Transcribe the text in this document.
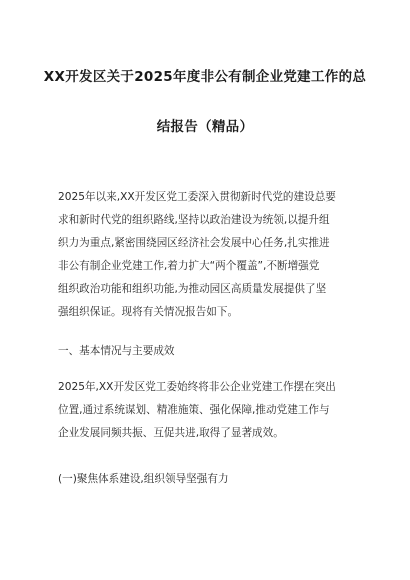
XX开发区关于2025年度非公有制企业党建工作的总
结报告（精品）

2025年以来,XX开发区党工委深入贯彻新时代党的建设总要
求和新时代党的组织路线,坚持以政治建设为统领,以提升组
织力为重点,紧密围绕园区经济社会发展中心任务,扎实推进
非公有制企业党建工作,着力扩大“两个覆盖”,不断增强党
组织政治功能和组织功能,为推动园区高质量发展提供了坚
强组织保证。现将有关情况报告如下。

一、基本情况与主要成效

2025年,XX开发区党工委始终将非公企业党建工作摆在突出
位置,通过系统谋划、精准施策、强化保障,推动党建工作与
企业发展同频共振、互促共进,取得了显著成效。

(一)聚焦体系建设,组织领导坚强有力
